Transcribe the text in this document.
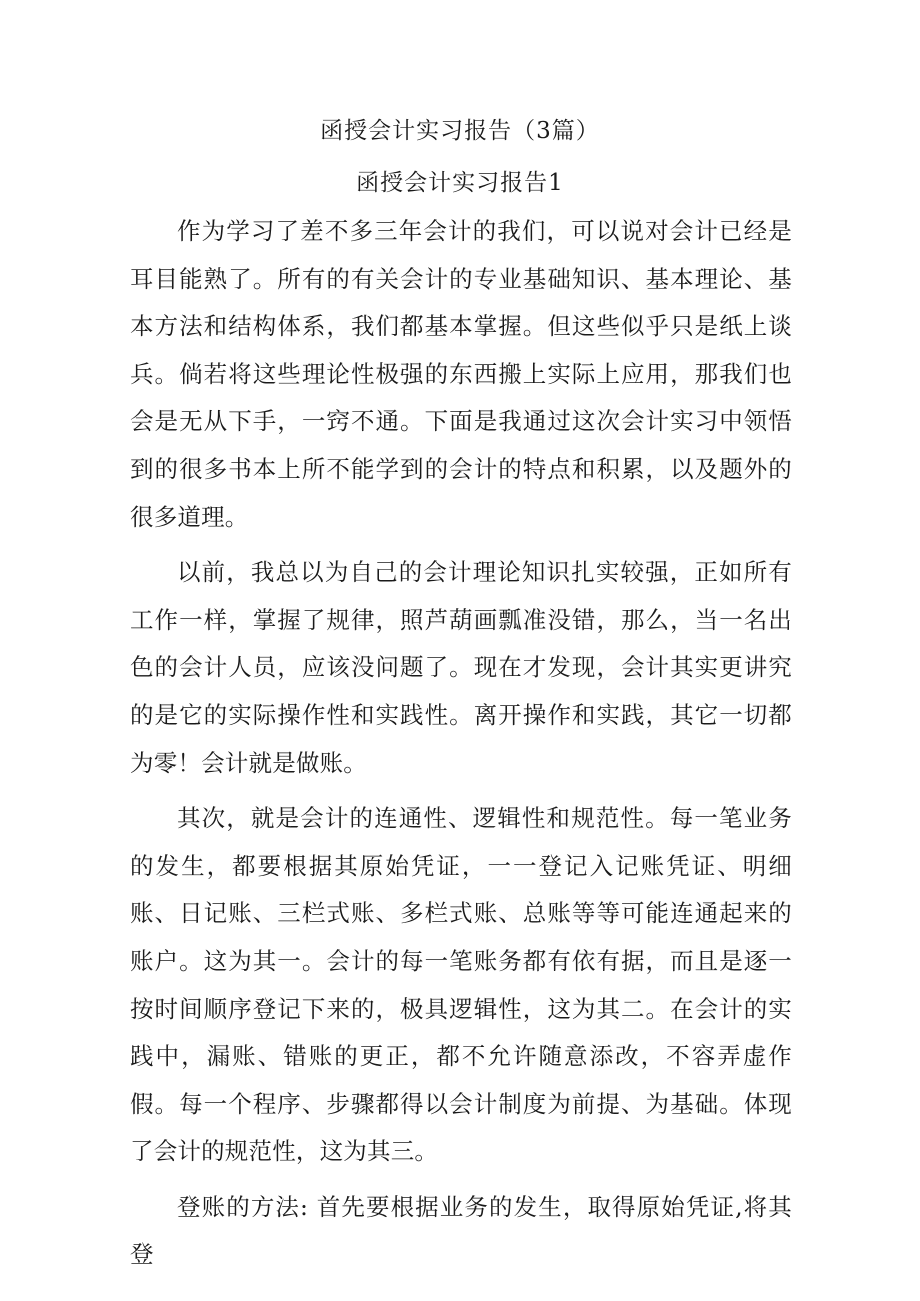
函授会计实习报告（3篇）
函授会计实习报告1

作为学习了差不多三年会计的我们，可以说对会计已经是耳目能熟了。所有的有关会计的专业基础知识、基本理论、基本方法和结构体系，我们都基本掌握。但这些似乎只是纸上谈兵。倘若将这些理论性极强的东西搬上实际上应用，那我们也会是无从下手，一窍不通。下面是我通过这次会计实习中领悟到的很多书本上所不能学到的会计的特点和积累，以及题外的很多道理。

以前，我总以为自己的会计理论知识扎实较强，正如所有工作一样，掌握了规律，照芦葫画瓢准没错，那么，当一名出色的会计人员，应该没问题了。现在才发现，会计其实更讲究的是它的实际操作性和实践性。离开操作和实践，其它一切都为零！会计就是做账。

其次，就是会计的连通性、逻辑性和规范性。每一笔业务的发生，都要根据其原始凭证，一一登记入记账凭证、明细账、日记账、三栏式账、多栏式账、总账等等可能连通起来的账户。这为其一。会计的每一笔账务都有依有据，而且是逐一按时间顺序登记下来的，极具逻辑性，这为其二。在会计的实践中，漏账、错账的更正，都不允许随意添改，不容弄虚作假。每一个程序、步骤都得以会计制度为前提、为基础。体现了会计的规范性，这为其三。

登账的方法: 首先要根据业务的发生，取得原始凭证,将其登
